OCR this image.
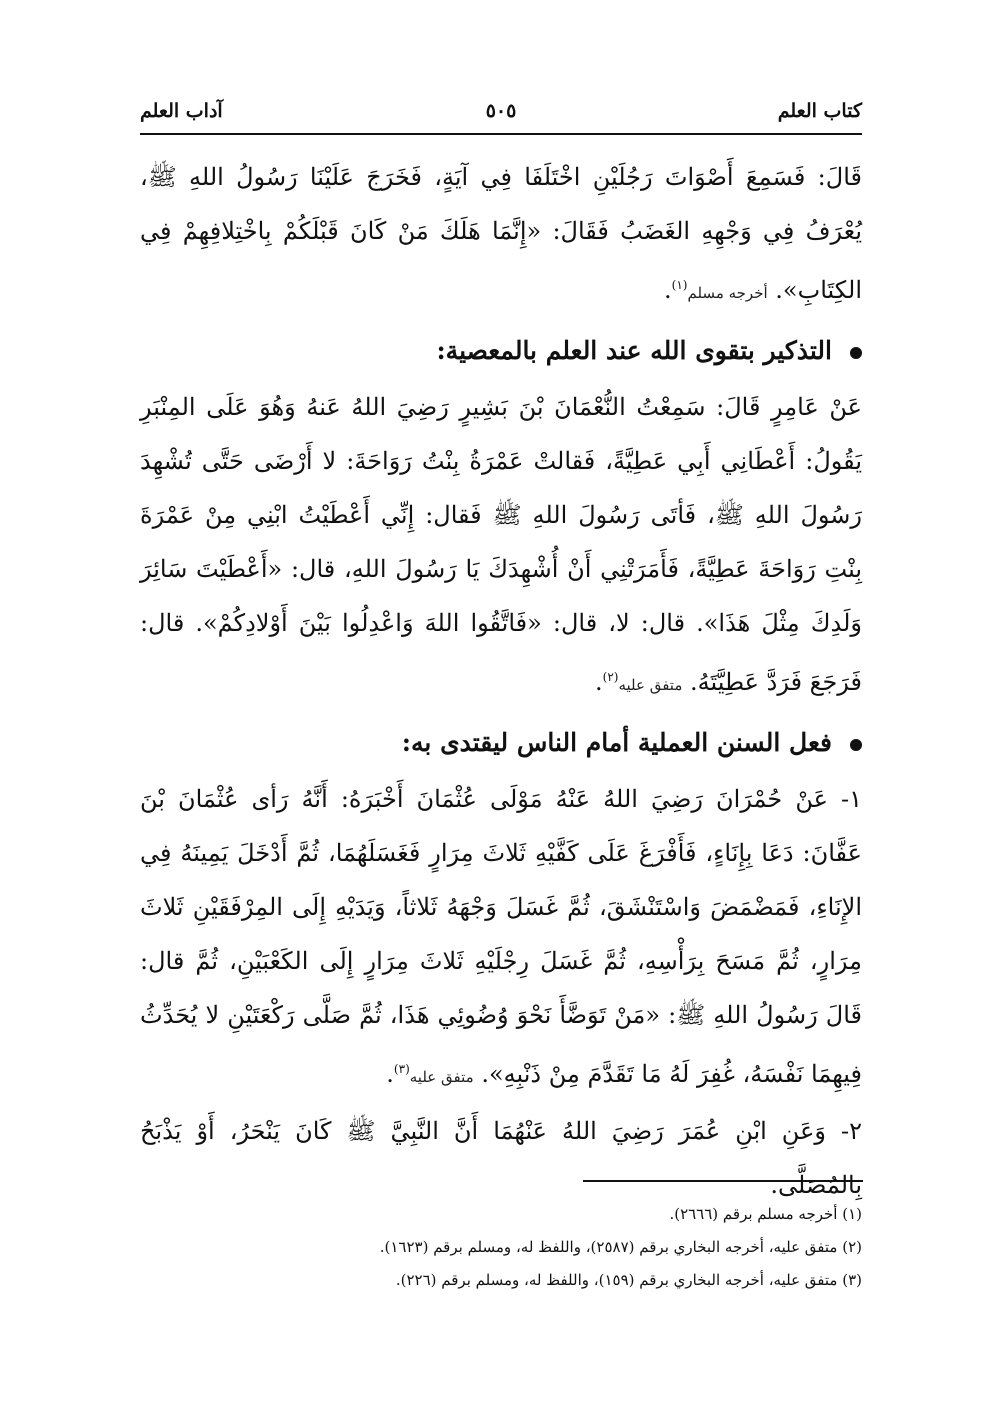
كتاب العلم
٥٠٥
آداب العلم

قَالَ: فَسَمِعَ أَصْوَاتَ رَجُلَيْنِ اخْتَلَفَا فِي آيَةٍ، فَخَرَجَ عَلَيْنَا رَسُولُ اللهِ ﷺ، يُعْرَفُ فِي وَجْهِهِ الغَضَبُ فَقَالَ: «إِنَّمَا هَلَكَ مَنْ كَانَ قَبْلَكُمْ بِاخْتِلافِهِمْ فِي الكِتَابِ». أخرجه مسلم$^{(١)}$.

التذكير بتقوى الله عند العلم بالمعصية:

عَنْ عَامِرٍ قَالَ: سَمِعْتُ النُّعْمَانَ بْنَ بَشِيرٍ رَضِيَ اللهُ عَنهُ وَهُوَ عَلَى المِنْبَرِ يَقُولُ: أَعْطَانِي أَبِي عَطِيَّةً، فَقالتْ عَمْرَةُ بِنْتُ رَوَاحَةَ: لا أَرْضَى حَتَّى تُشْهِدَ رَسُولَ اللهِ ﷺ، فَأتَى رَسُولَ اللهِ ﷺ فَقال: إِنِّي أَعْطَيْتُ ابْنِي مِنْ عَمْرَةَ بِنْتِ رَوَاحَةَ عَطِيَّةً، فَأَمَرَتْنِي أَنْ أُشْهِدَكَ يَا رَسُولَ اللهِ، قال: «أَعْطَيْتَ سَائِرَ وَلَدِكَ مِثْلَ هَذَا». قال: لا، قال: «فَاتَّقُوا اللهَ وَاعْدِلُوا بَيْنَ أَوْلادِكُمْ». قال: فَرَجَعَ فَرَدَّ عَطِيَّتَهُ. متفق عليه$^{(٢)}$.

فعل السنن العملية أمام الناس ليقتدى به:

١- عَنْ حُمْرَانَ رَضِيَ اللهُ عَنْهُ مَوْلَى عُثْمَانَ أَخْبَرَهُ: أَنَّهُ رَأى عُثْمَانَ بْنَ عَفَّانَ: دَعَا بِإِنَاءٍ، فَأَفْرَغَ عَلَى كَفَّيْهِ ثَلاثَ مِرَارٍ فَغَسَلَهُمَا، ثُمَّ أَدْخَلَ يَمِينَهُ فِي الإِنَاءِ، فَمَضْمَضَ وَاسْتَنْشَقَ، ثُمَّ غَسَلَ وَجْهَهُ ثَلاثاً، وَيَدَيْهِ إِلَى المِرْفَقَيْنِ ثَلاثَ مِرَارٍ، ثُمَّ مَسَحَ بِرَأْسِهِ، ثُمَّ غَسَلَ رِجْلَيْهِ ثَلاثَ مِرَارٍ إِلَى الكَعْبَيْنِ، ثُمَّ قال: قَالَ رَسُولُ اللهِ ﷺ: «مَنْ تَوَضَّأَ نَحْوَ وُضُوئِي هَذَا، ثُمَّ صَلَّى رَكْعَتَيْنِ لا يُحَدِّثُ فِيهِمَا نَفْسَهُ، غُفِرَ لَهُ مَا تَقَدَّمَ مِنْ ذَنْبِهِ». متفق عليه$^{(٣)}$.

٢- وَعَنِ ابْنِ عُمَرَ رَضِيَ اللهُ عَنْهُمَا أَنَّ النَّبِيَّ ﷺ كَانَ يَنْحَرُ، أَوْ يَذْبَحُ بِالمُصَلَّى.

(١) أخرجه مسلم برقم (٢٦٦٦).
(٢) متفق عليه، أخرجه البخاري برقم (٢٥٨٧)، واللفظ له، ومسلم برقم (١٦٢٣).
(٣) متفق عليه، أخرجه البخاري برقم (١٥٩)، واللفظ له، ومسلم برقم (٢٢٦).
